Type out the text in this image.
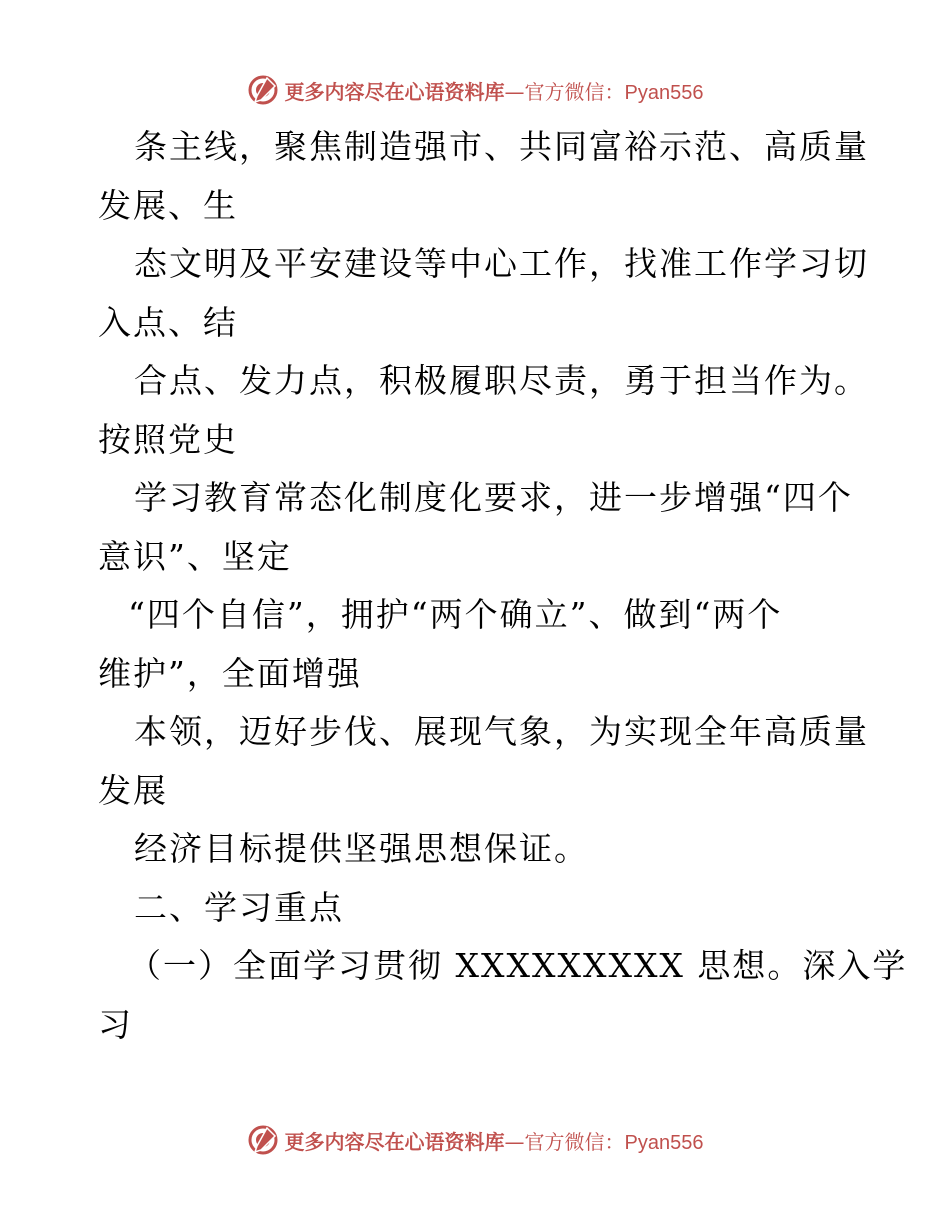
更多内容尽在心语资料库—官方微信：Pyan556
条主线，聚焦制造强市、共同富裕示范、高质量
发展、生
态文明及平安建设等中心工作，找准工作学习切
入点、结
合点、发力点，积极履职尽责，勇于担当作为。
按照党史
学习教育常态化制度化要求，进一步增强“四个
意识”、坚定
“四个自信”，拥护“两个确立”、做到“两个
维护”，全面增强
本领，迈好步伐、展现气象，为实现全年高质量
发展
经济目标提供坚强思想保证。
二、学习重点
（一）全面学习贯彻 XXXXXXXXX 思想。深入学
习
更多内容尽在心语资料库—官方微信：Pyan556
